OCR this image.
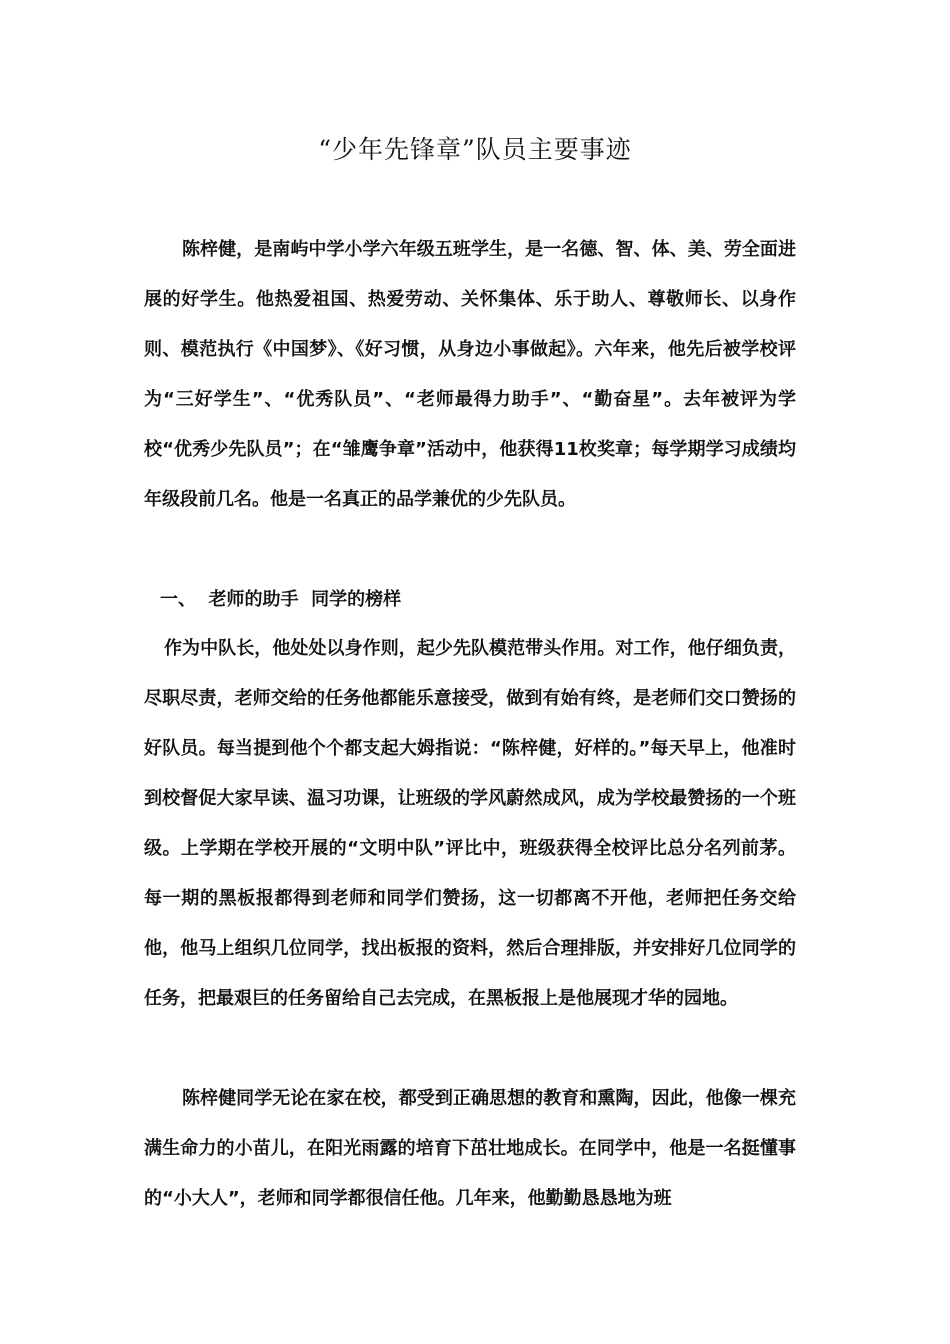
“少年先锋章”队员主要事迹

陈梓健，是南屿中学小学六年级五班学生，是一名德、智、体、美、劳全面进展的好学生。他热爱祖国、热爱劳动、关怀集体、乐于助人、尊敬师长、以身作则、模范执行《中国梦》、《好习惯，从身边小事做起》。六年来，他先后被学校评为“三好学生”、“优秀队员”、“老师最得力助手”、“勤奋星”。去年被评为学校“优秀少先队员”；在“雏鹰争章”活动中，他获得11枚奖章；每学期学习成绩均年级段前几名。他是一名真正的品学兼优的少先队员。

一、  老师的助手  同学的榜样

作为中队长，他处处以身作则，起少先队模范带头作用。对工作，他仔细负责，尽职尽责，老师交给的任务他都能乐意接受，做到有始有终，是老师们交口赞扬的好队员。每当提到他个个都支起大姆指说：“陈梓健，好样的。”每天早上，他准时到校督促大家早读、温习功课，让班级的学风蔚然成风，成为学校最赞扬的一个班级。上学期在学校开展的“文明中队”评比中，班级获得全校评比总分名列前茅。每一期的黑板报都得到老师和同学们赞扬，这一切都离不开他，老师把任务交给他，他马上组织几位同学，找出板报的资料，然后合理排版，并安排好几位同学的任务，把最艰巨的任务留给自己去完成，在黑板报上是他展现才华的园地。

陈梓健同学无论在家在校，都受到正确思想的教育和熏陶，因此，他像一棵充满生命力的小苗儿，在阳光雨露的培育下茁壮地成长。在同学中，他是一名挺懂事的“小大人”，老师和同学都很信任他。几年来，他勤勤恳恳地为班
